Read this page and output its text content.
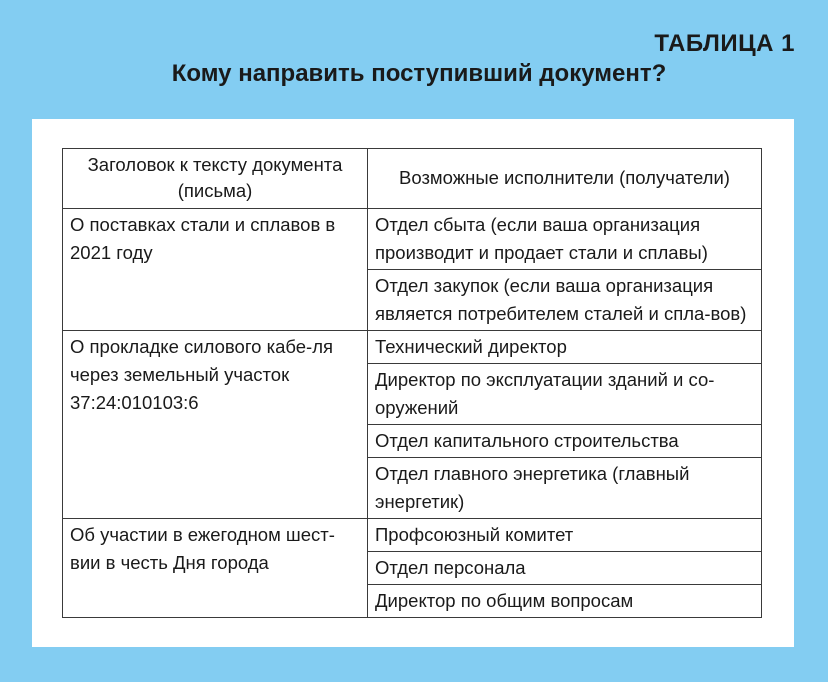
ТАБЛИЦА 1
Кому направить поступивший документ?
Заголовок к тексту документа (письма)	Возможные исполнители (получатели)
О поставках стали и сплавов в 2021 году	Отдел сбыта (если ваша организация производит и продает стали и сплавы)
	Отдел закупок (если ваша организация является потребителем сталей и спла-вов)
О прокладке силового кабе-ля через земельный участок 37:24:010103:6	Технический директор
	Директор по эксплуатации зданий и со-оружений
	Отдел капитального строительства
	Отдел главного энергетика (главный энергетик)
Об участии в ежегодном шест-вии в честь Дня города	Профсоюзный комитет
	Отдел персонала
	Директор по общим вопросам
